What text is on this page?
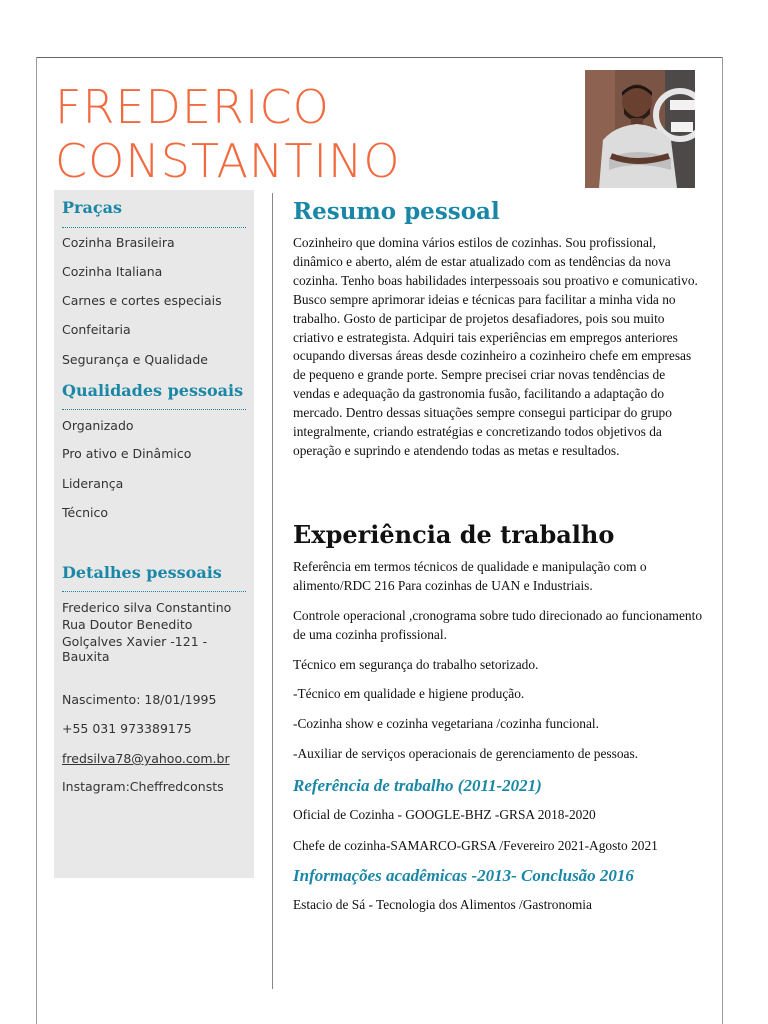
FREDERICO
CONSTANTINO
Praças

Cozinha Brasileira

Cozinha Italiana

Carnes e cortes especiais

Confeitaria

Segurança e Qualidade

Qualidades pessoais

Organizado

Pro ativo e Dinâmico

Liderança

Técnico

Detalhes pessoais

Frederico silva Constantino

Rua Doutor Benedito

Golçalves Xavier -121 -Bauxita

Nascimento: 18/01/1995

+55 031 973389175

fredsilva78@yahoo.com.br

Instagram:Cheffredconsts

Resumo pessoal

Cozinheiro que domina vários estilos de cozinhas. Sou profissional, dinâmico e aberto, além de estar atualizado com as tendências da nova cozinha. Tenho boas habilidades interpessoais sou proativo e comunicativo. Busco sempre aprimorar ideias e técnicas para facilitar a minha vida no trabalho. Gosto de participar de projetos desafiadores, pois sou muito criativo e estrategista. Adquiri tais experiências em empregos anteriores ocupando diversas áreas desde cozinheiro a cozinheiro chefe em empresas de pequeno e grande porte. Sempre precisei criar novas tendências de vendas e adequação da gastronomia fusão, facilitando a adaptação do mercado. Dentro dessas situações sempre consegui participar do grupo integralmente, criando estratégias e concretizando todos objetivos da operação e suprindo e atendendo todas as metas e resultados.

Experiência de trabalho

Referência em termos técnicos de qualidade e manipulação com o alimento/RDC 216 Para cozinhas de UAN e Industriais.

Controle operacional ,cronograma sobre tudo direcionado ao funcionamento de uma cozinha profissional.

Técnico em segurança do trabalho setorizado.

-Técnico em qualidade e higiene produção.

-Cozinha show e cozinha vegetariana /cozinha funcional.

-Auxiliar de serviços operacionais de gerenciamento de pessoas.

Referência de trabalho (2011-2021)

Oficial de Cozinha - GOOGLE-BHZ -GRSA 2018-2020

Chefe de cozinha-SAMARCO-GRSA /Fevereiro 2021-Agosto 2021

Informações acadêmicas -2013- Conclusão 2016

Estacio de Sá - Tecnologia dos Alimentos /Gastronomia
